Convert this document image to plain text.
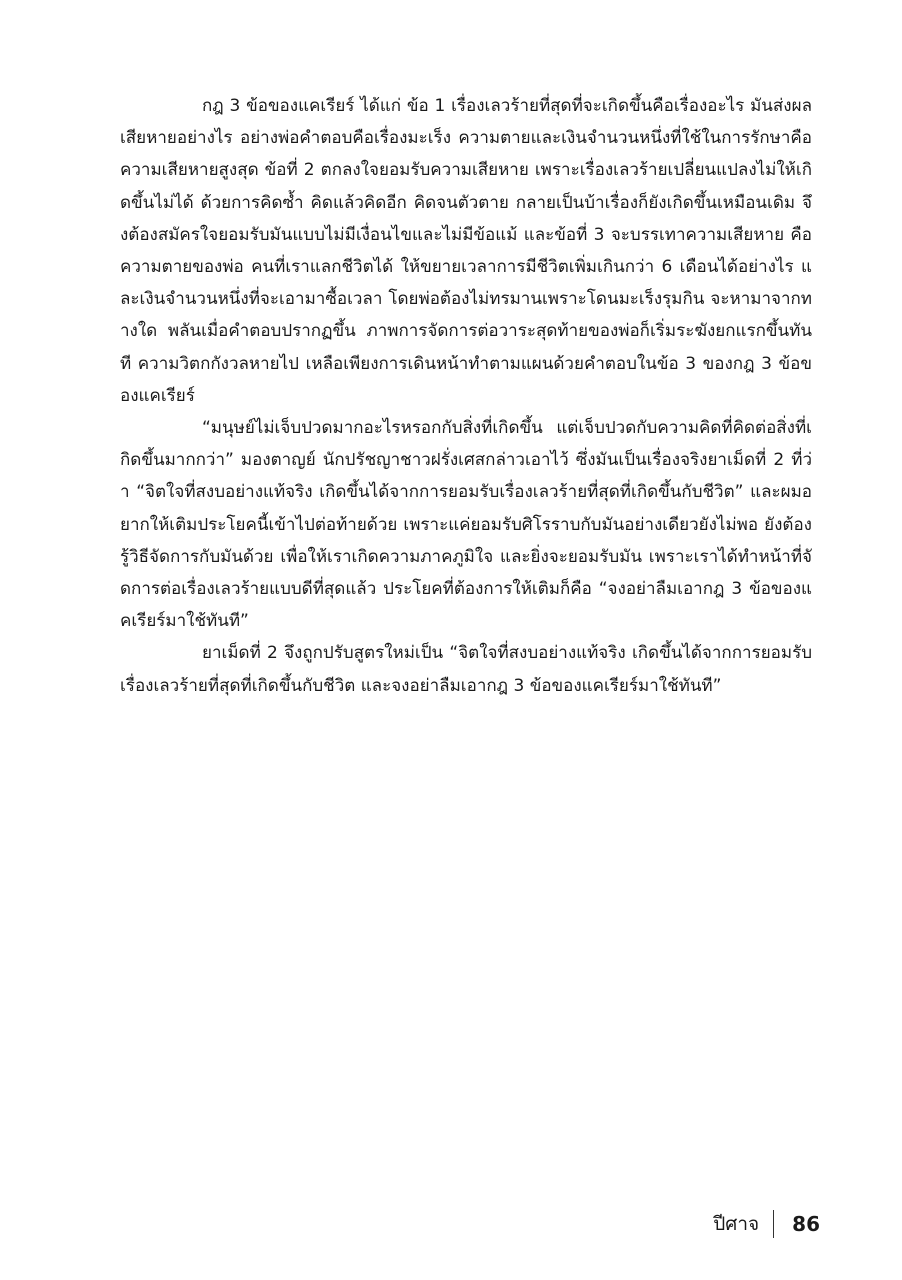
กฎ 3 ข้อของแคเรียร์ ได้แก่ ข้อ 1 เรื่องเลวร้ายที่สุดที่จะเกิดขึ้นคือเรื่องอะไร มันส่งผลเสียหายอย่างไร อย่างพ่อคำตอบคือเรื่องมะเร็ง ความตายและเงินจำนวนหนึ่งที่ใช้ในการรักษาคือความเสียหายสูงสุด ข้อที่ 2 ตกลงใจยอมรับความเสียหาย เพราะเรื่องเลวร้ายเปลี่ยนแปลงไม่ให้เกิดขึ้นไม่ได้ ด้วยการคิดซ้ำ คิดแล้วคิดอีก คิดจนตัวตาย กลายเป็นบ้าเรื่องก็ยังเกิดขึ้นเหมือนเดิม จึงต้องสมัครใจยอมรับมันแบบไม่มีเงื่อนไขและไม่มีข้อแม้ และข้อที่ 3 จะบรรเทาความเสียหาย คือความตายของพ่อ คนที่เราแลกชีวิตได้ ให้ขยายเวลาการมีชีวิตเพิ่มเกินกว่า 6 เดือนได้อย่างไร และเงินจำนวนหนึ่งที่จะเอามาซื้อเวลา โดยพ่อต้องไม่ทรมานเพราะโดนมะเร็งรุมกิน จะหามาจากทางใด พลันเมื่อคำตอบปรากฏขึ้น ภาพการจัดการต่อวาระสุดท้ายของพ่อก็เริ่มระฆังยกแรกขึ้นทันที ความวิตกกังวลหายไป เหลือเพียงการเดินหน้าทำตามแผนด้วยคำตอบในข้อ 3 ของกฎ 3 ข้อของแคเรียร์

“มนุษย์ไม่เจ็บปวดมากอะไรหรอกกับสิ่งที่เกิดขึ้น แต่เจ็บปวดกับความคิดที่คิดต่อสิ่งที่เกิดขึ้นมากกว่า” มองตาญย์ นักปรัชญาชาวฝรั่งเศสกล่าวเอาไว้ ซึ่งมันเป็นเรื่องจริงยาเม็ดที่ 2 ที่ว่า “จิตใจที่สงบอย่างแท้จริง เกิดขึ้นได้จากการยอมรับเรื่องเลวร้ายที่สุดที่เกิดขึ้นกับชีวิต” และผมอยากให้เติมประโยคนี้เข้าไปต่อท้ายด้วย เพราะแค่ยอมรับศิโรราบกับมันอย่างเดียวยังไม่พอ ยังต้องรู้วิธีจัดการกับมันด้วย เพื่อให้เราเกิดความภาคภูมิใจ และยิ่งจะยอมรับมัน เพราะเราได้ทำหน้าที่จัดการต่อเรื่องเลวร้ายแบบดีที่สุดแล้ว ประโยคที่ต้องการให้เติมก็คือ “จงอย่าลืมเอากฎ 3 ข้อของแคเรียร์มาใช้ทันที”

ยาเม็ดที่ 2 จึงถูกปรับสูตรใหม่เป็น “จิตใจที่สงบอย่างแท้จริง เกิดขึ้นได้จากการยอมรับเรื่องเลวร้ายที่สุดที่เกิดขึ้นกับชีวิต และจงอย่าลืมเอากฎ 3 ข้อของแคเรียร์มาใช้ทันที”

ปีศาจ 86
